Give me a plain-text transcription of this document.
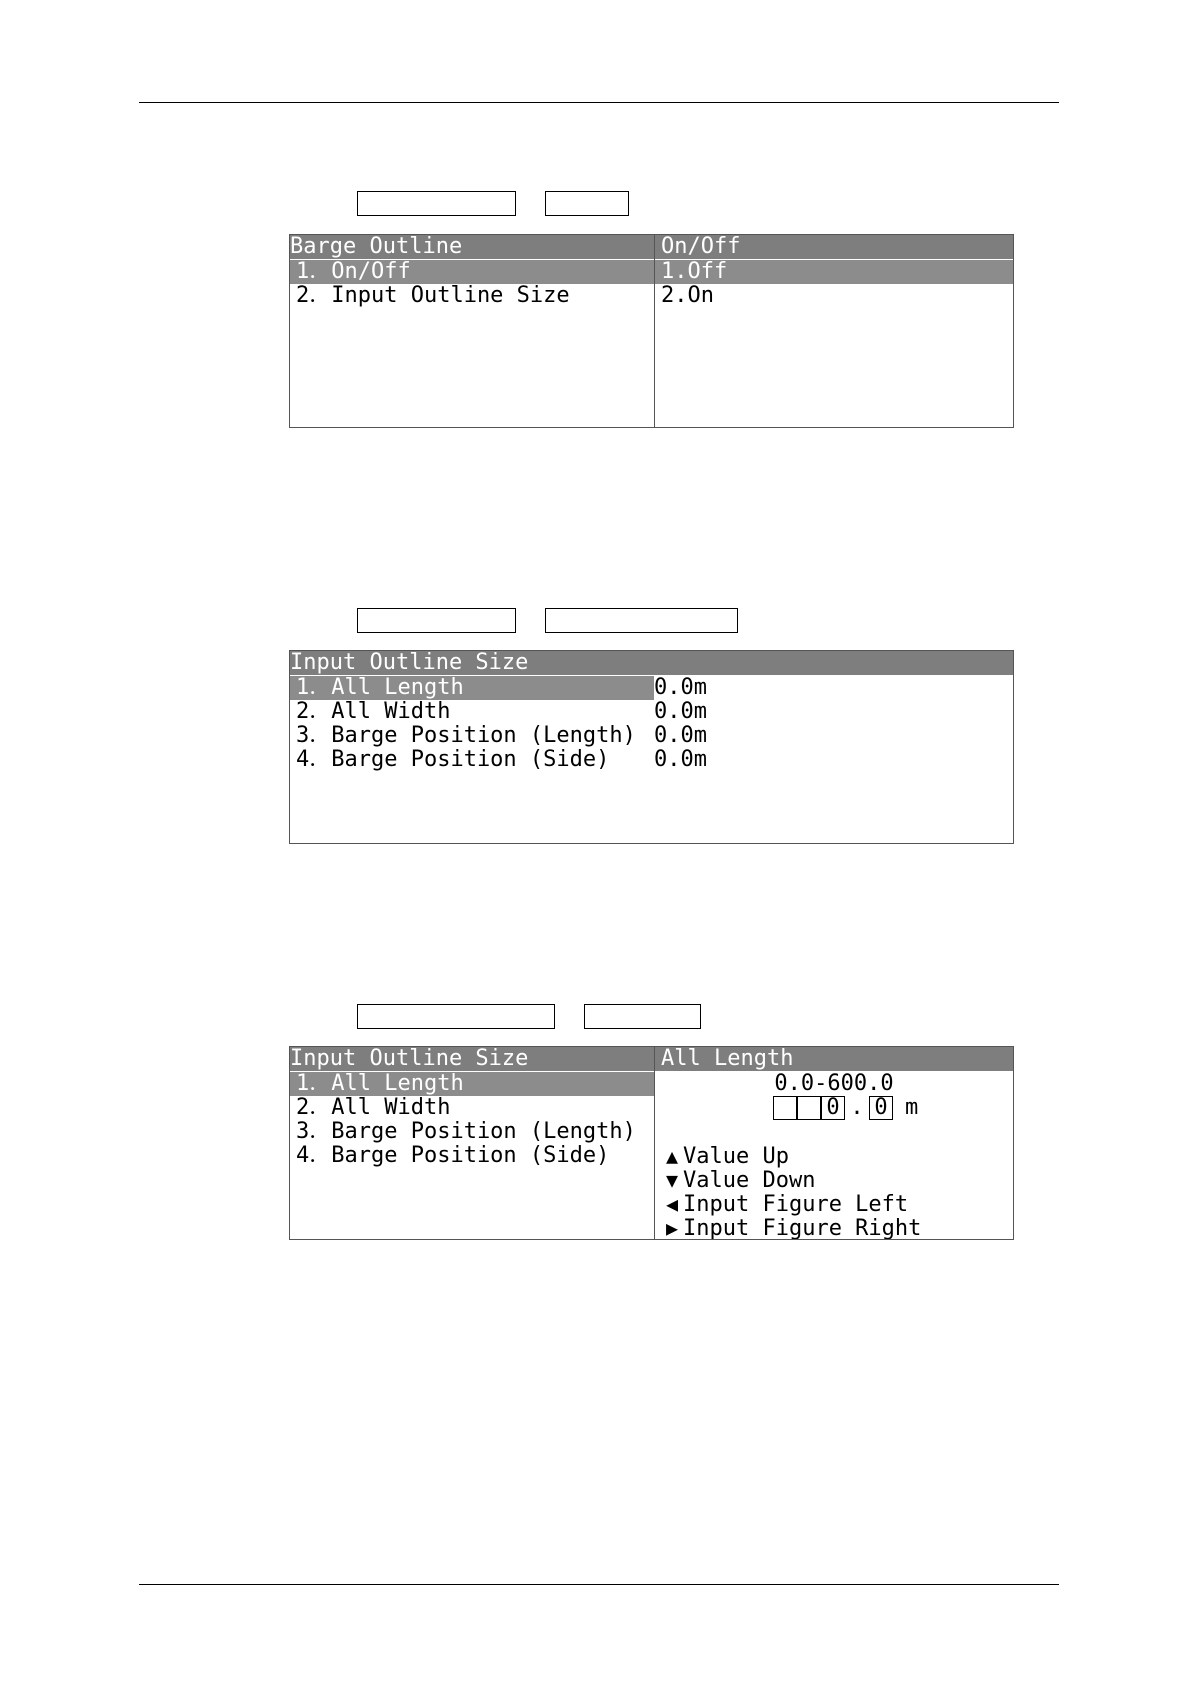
Barge Outline
1．On/Off
2．Input Outline Size
On/Off
1.Off
2.On
Input Outline Size
1．All Length
2．All Width
3．Barge Position (Length)
4．Barge Position (Side)
0.0m
0.0m
0.0m
0.0m
Input Outline Size
1．All Length
2．All Width
3．Barge Position (Length)
4．Barge Position (Side)
All Length
0.0-600.0
0 . 0 m
▲ Value Up
▼ Value Down
◀ Input Figure Left
▶ Input Figure Right
